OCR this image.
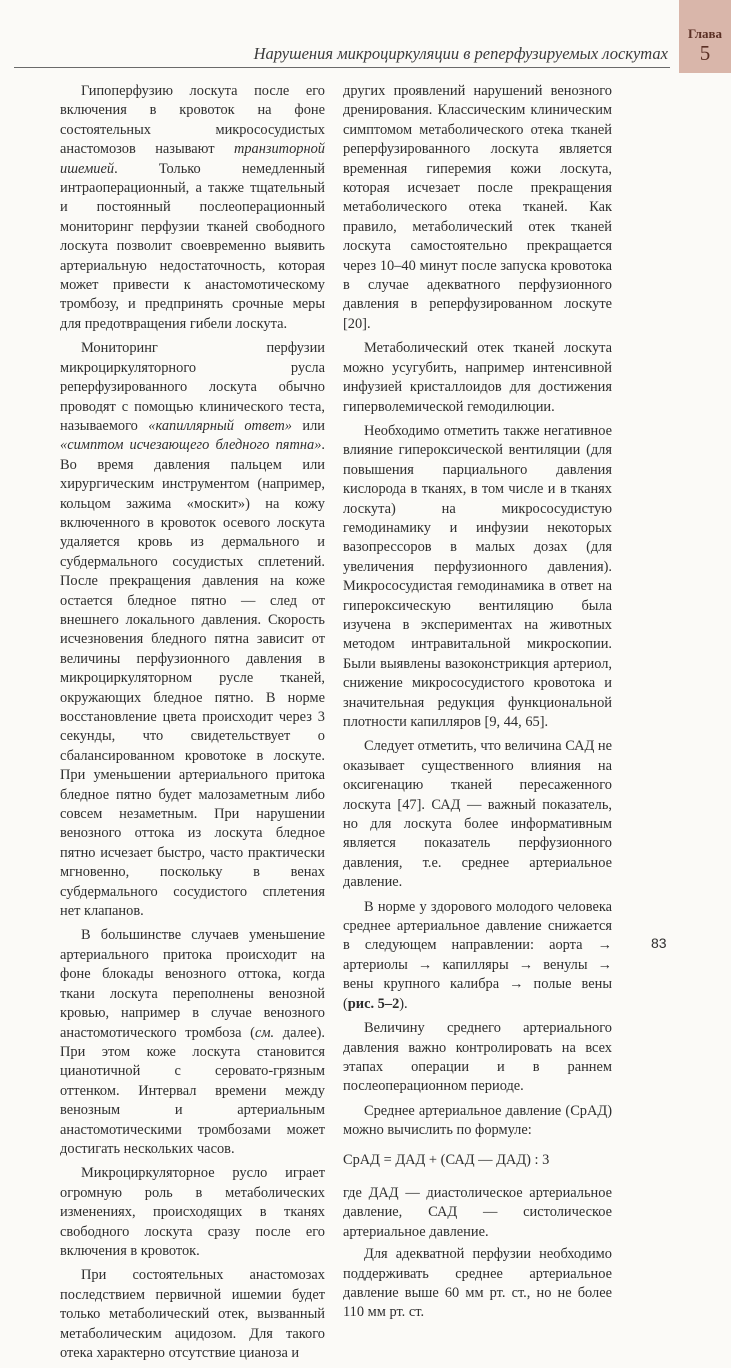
Нарушения микроциркуляции в реперфузируемых лоскутах
Глава
5

Гипоперфузию лоскута после его включения в кровоток на фоне состоятельных микрососудистых анастомозов называют транзиторной ишемией. Только немедленный интраоперационный, а также тщательный и постоянный послеоперационный мониторинг перфузии тканей свободного лоскута позволит своевременно выявить артериальную недостаточность, которая может привести к анастомотическому тромбозу, и предпринять срочные меры для предотвращения гибели лоскута.

Мониторинг перфузии микроциркуляторного русла реперфузированного лоскута обычно проводят с помощью клинического теста, называемого «капиллярный ответ» или «симптом исчезающего бледного пятна». Во время давления пальцем или хирургическим инструментом (например, кольцом зажима «москит») на кожу включенного в кровоток осевого лоскута удаляется кровь из дермального и субдермального сосудистых сплетений. После прекращения давления на коже остается бледное пятно — след от внешнего локального давления. Скорость исчезновения бледного пятна зависит от величины перфузионного давления в микроциркуляторном русле тканей, окружающих бледное пятно. В норме восстановление цвета происходит через 3 секунды, что свидетельствует о сбалансированном кровотоке в лоскуте. При уменьшении артериального притока бледное пятно будет малозаметным либо совсем незаметным. При нарушении венозного оттока из лоскута бледное пятно исчезает быстро, часто практически мгновенно, поскольку в венах субдермального сосудистого сплетения нет клапанов.

В большинстве случаев уменьшение артериального притока происходит на фоне блокады венозного оттока, когда ткани лоскута переполнены венозной кровью, например в случае венозного анастомотического тромбоза (см. далее). При этом коже лоскута становится цианотичной с серовато-грязным оттенком. Интервал времени между венозным и артериальным анастомотическими тромбозами может достигать нескольких часов.

Микроциркуляторное русло играет огромную роль в метаболических изменениях, происходящих в тканях свободного лоскута сразу после его включения в кровоток.

При состоятельных анастомозах последствием первичной ишемии будет только метаболический отек, вызванный метаболическим ацидозом. Для такого отека характерно отсутствие цианоза и

других проявлений нарушений венозного дренирования. Классическим клиническим симптомом метаболического отека тканей реперфузированного лоскута является временная гиперемия кожи лоскута, которая исчезает после прекращения метаболического отека тканей. Как правило, метаболический отек тканей лоскута самостоятельно прекращается через 10–40 минут после запуска кровотока в случае адекватного перфузионного давления в реперфузированном лоскуте [20].

Метаболический отек тканей лоскута можно усугубить, например интенсивной инфузией кристаллоидов для достижения гиперволемической гемодилюции.

Необходимо отметить также негативное влияние гипероксической вентиляции (для повышения парциального давления кислорода в тканях, в том числе и в тканях лоскута) на микрососудистую гемодинамику и инфузии некоторых вазопрессоров в малых дозах (для увеличения перфузионного давления). Микрососудистая гемодинамика в ответ на гипероксическую вентиляцию была изучена в экспериментах на животных методом интравитальной микроскопии. Были выявлены вазоконстрикция артериол, снижение микрососудистого кровотока и значительная редукция функциональной плотности капилляров [9, 44, 65].

Следует отметить, что величина САД не оказывает существенного влияния на оксигенацию тканей пересаженного лоскута [47]. САД — важный показатель, но для лоскута более информативным является показатель перфузионного давления, т.е. среднее артериальное давление.

В норме у здорового молодого человека среднее артериальное давление снижается в следующем направлении: аорта → артериолы → капилляры → венулы → вены крупного калибра → полые вены (рис. 5–2).

Величину среднего артериального давления важно контролировать на всех этапах операции и в раннем послеоперационном периоде.

Среднее артериальное давление (СрАД) можно вычислить по формуле:

СрАД = ДАД + (САД — ДАД) : 3

где ДАД — диастолическое артериальное давление, САД — систолическое артериальное давление.

Для адекватной перфузии необходимо поддерживать среднее артериальное давление выше 60 мм рт. ст., но не более 110 мм рт. ст.

83
